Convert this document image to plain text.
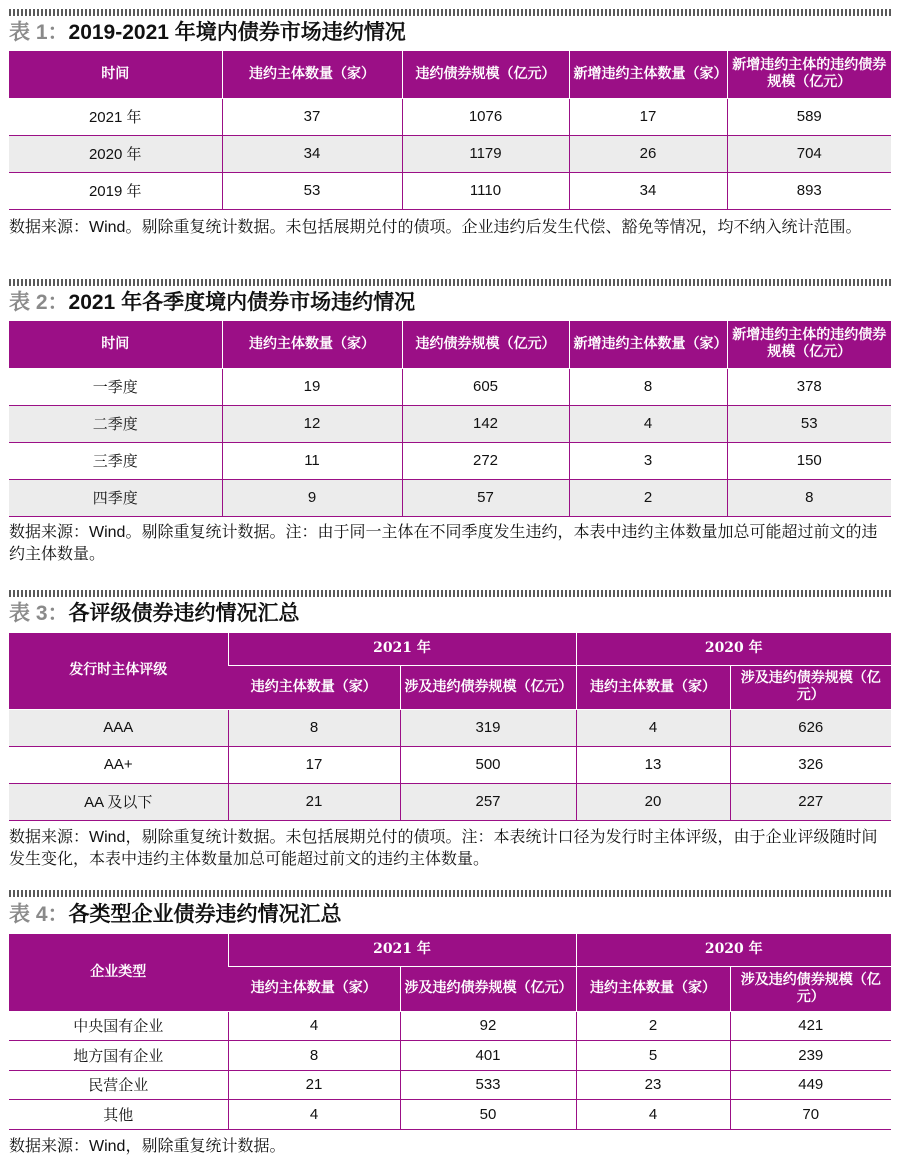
表 1：2019-2021 年境内债券市场违约情况
时间	违约主体数量（家）	违约债券规模（亿元）	新增违约主体数量（家）	新增违约主体的违约债券规模（亿元）
2021 年	37	1076	17	589
2020 年	34	1179	26	704
2019 年	53	1110	34	893
数据来源：Wind。剔除重复统计数据。未包括展期兑付的债项。企业违约后发生代偿、豁免等情况，均不纳入统计范围。
表 2：2021 年各季度境内债券市场违约情况
时间	违约主体数量（家）	违约债券规模（亿元）	新增违约主体数量（家）	新增违约主体的违约债券规模（亿元）
一季度	19	605	8	378
二季度	12	142	4	53
三季度	11	272	3	150
四季度	9	57	2	8
数据来源：Wind。剔除重复统计数据。注：由于同一主体在不同季度发生违约，本表中违约主体数量加总可能超过前文的违约主体数量。
表 3：各评级债券违约情况汇总
发行时主体评级	2021 年		2020 年	
	违约主体数量（家）	涉及违约债券规模（亿元）	违约主体数量（家）	涉及违约债券规模（亿元）
AAA	8	319	4	626
AA+	17	500	13	326
AA 及以下	21	257	20	227
数据来源：Wind，剔除重复统计数据。未包括展期兑付的债项。注：本表统计口径为发行时主体评级，由于企业评级随时间发生变化，本表中违约主体数量加总可能超过前文的违约主体数量。
表 4：各类型企业债券违约情况汇总
企业类型	2021 年		2020 年	
	违约主体数量（家）	涉及违约债券规模（亿元）	违约主体数量（家）	涉及违约债券规模（亿元）
中央国有企业	4	92	2	421
地方国有企业	8	401	5	239
民营企业	21	533	23	449
其他	4	50	4	70
数据来源：Wind，剔除重复统计数据。
